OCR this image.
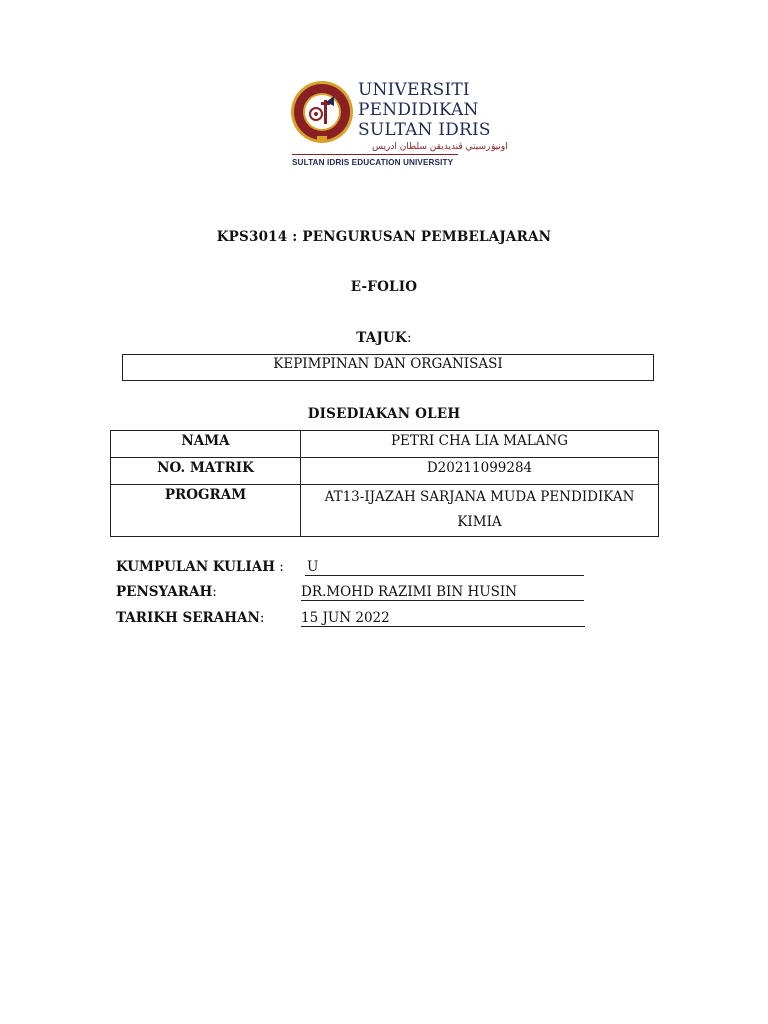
UNIVERSITI
PENDIDIKAN
SULTAN IDRIS
اونيۏرسيتي ڤنديديقن سلطان ادريس
SULTAN IDRIS EDUCATION UNIVERSITY
KPS3014 : PENGURUSAN PEMBELAJARAN
E-FOLIO
TAJUK:
KEPIMPINAN DAN ORGANISASI
DISEDIAKAN OLEH
NAMA	PETRI CHA LIA MALANG
NO. MATRIK	D20211099284
PROGRAM	AT13-IJAZAH SARJANA MUDA PENDIDIKAN
KIMIA
KUMPULAN KULIAH : U
PENSYARAH:	DR.MOHD RAZIMI BIN HUSIN
TARIKH SERAHAN:	15 JUN 2022
